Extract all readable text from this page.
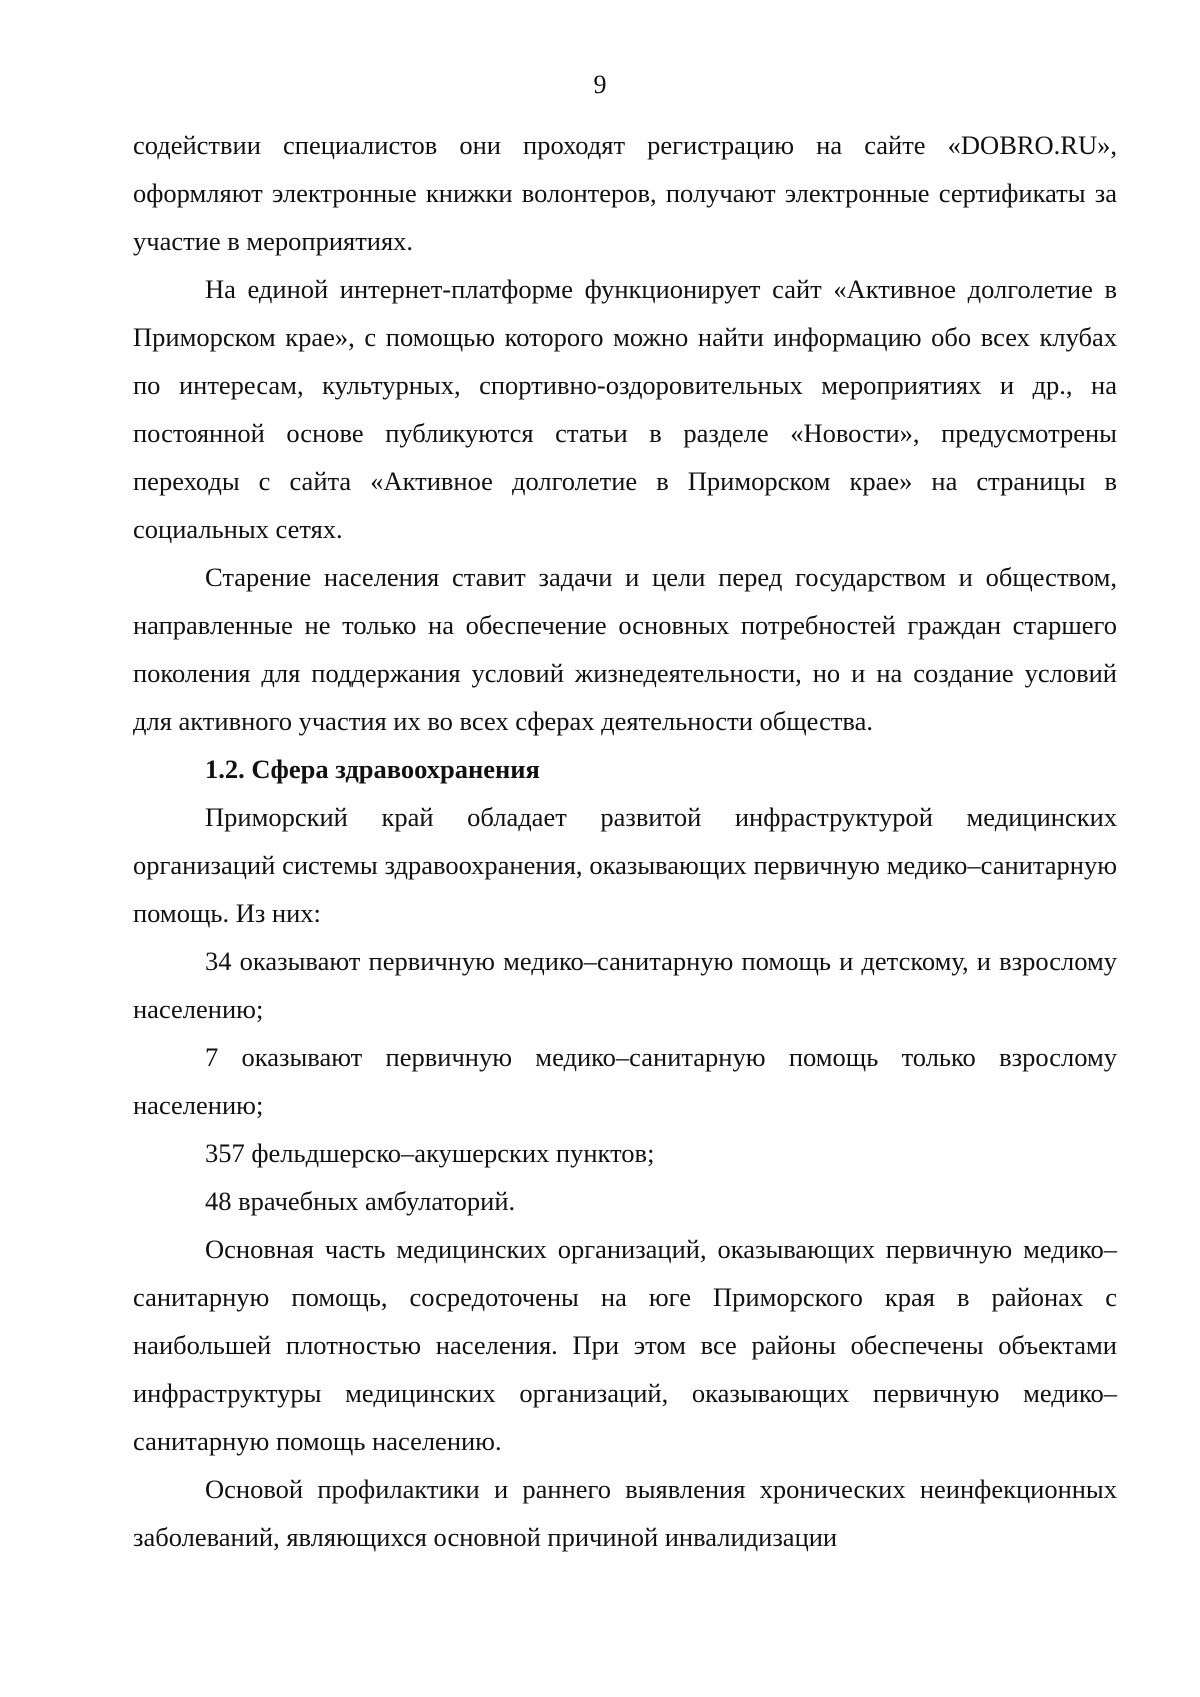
9

содействии специалистов они проходят регистрацию на сайте «DOBRO.RU», оформляют электронные книжки волонтеров, получают электронные сертификаты за участие в мероприятиях.

На единой интернет-платформе функционирует сайт «Активное долголетие в Приморском крае», с помощью которого можно найти информацию обо всех клубах по интересам, культурных, спортивно-оздоровительных мероприятиях и др., на постоянной основе публикуются статьи в разделе «Новости», предусмотрены переходы с сайта «Активное долголетие в Приморском крае» на страницы в социальных сетях.

Старение населения ставит задачи и цели перед государством и обществом, направленные не только на обеспечение основных потребностей граждан старшего поколения для поддержания условий жизнедеятельности, но и на создание условий для активного участия их во всех сферах деятельности общества.

1.2. Сфера здравоохранения

Приморский край обладает развитой инфраструктурой медицинских организаций системы здравоохранения, оказывающих первичную медико–санитарную помощь. Из них:

34 оказывают первичную медико–санитарную помощь и детскому, и взрослому населению;

7 оказывают первичную медико–санитарную помощь только взрослому населению;

357 фельдшерско–акушерских пунктов;

48 врачебных амбулаторий.

Основная часть медицинских организаций, оказывающих первичную медико–санитарную помощь, сосредоточены на юге Приморского края в районах с наибольшей плотностью населения. При этом все районы обеспечены объектами инфраструктуры медицинских организаций, оказывающих первичную медико–санитарную помощь населению.

Основой профилактики и раннего выявления хронических неинфекционных заболеваний, являющихся основной причиной инвалидизации
